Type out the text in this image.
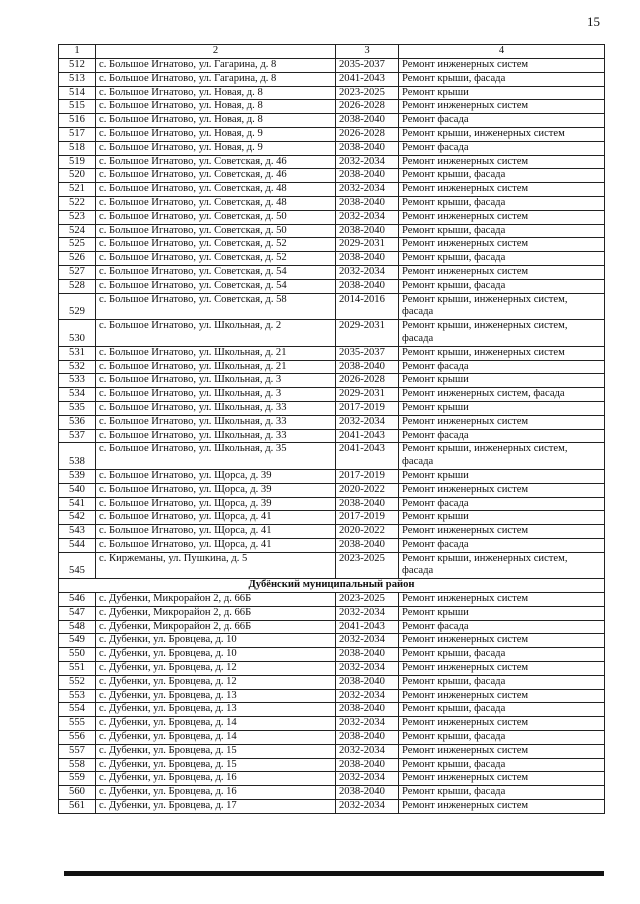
15
1	2	3	4
512	с. Большое Игнатово, ул. Гагарина, д. 8	2035-2037	Ремонт инженерных систем
513	с. Большое Игнатово, ул. Гагарина, д. 8	2041-2043	Ремонт крыши, фасада
514	с. Большое Игнатово, ул. Новая, д. 8	2023-2025	Ремонт крыши
515	с. Большое Игнатово, ул. Новая, д. 8	2026-2028	Ремонт инженерных систем
516	с. Большое Игнатово, ул. Новая, д. 8	2038-2040	Ремонт фасада
517	с. Большое Игнатово, ул. Новая, д. 9	2026-2028	Ремонт крыши, инженерных систем
518	с. Большое Игнатово, ул. Новая, д. 9	2038-2040	Ремонт фасада
519	с. Большое Игнатово, ул. Советская, д. 46	2032-2034	Ремонт инженерных систем
520	с. Большое Игнатово, ул. Советская, д. 46	2038-2040	Ремонт крыши, фасада
521	с. Большое Игнатово, ул. Советская, д. 48	2032-2034	Ремонт инженерных систем
522	с. Большое Игнатово, ул. Советская, д. 48	2038-2040	Ремонт крыши, фасада
523	с. Большое Игнатово, ул. Советская, д. 50	2032-2034	Ремонт инженерных систем
524	с. Большое Игнатово, ул. Советская, д. 50	2038-2040	Ремонт крыши, фасада
525	с. Большое Игнатово, ул. Советская, д. 52	2029-2031	Ремонт инженерных систем
526	с. Большое Игнатово, ул. Советская, д. 52	2038-2040	Ремонт крыши, фасада
527	с. Большое Игнатово, ул. Советская, д. 54	2032-2034	Ремонт инженерных систем
528	с. Большое Игнатово, ул. Советская, д. 54	2038-2040	Ремонт крыши, фасада
529	с. Большое Игнатово, ул. Советская, д. 58	2014-2016	Ремонт крыши, инженерных систем, фасада
530	с. Большое Игнатово, ул. Школьная, д. 2	2029-2031	Ремонт крыши, инженерных систем, фасада
531	с. Большое Игнатово, ул. Школьная, д. 21	2035-2037	Ремонт крыши, инженерных систем
532	с. Большое Игнатово, ул. Школьная, д. 21	2038-2040	Ремонт фасада
533	с. Большое Игнатово, ул. Школьная, д. 3	2026-2028	Ремонт крыши
534	с. Большое Игнатово, ул. Школьная, д. 3	2029-2031	Ремонт инженерных систем, фасада
535	с. Большое Игнатово, ул. Школьная, д. 33	2017-2019	Ремонт крыши
536	с. Большое Игнатово, ул. Школьная, д. 33	2032-2034	Ремонт инженерных систем
537	с. Большое Игнатово, ул. Школьная, д. 33	2041-2043	Ремонт фасада
538	с. Большое Игнатово, ул. Школьная, д. 35	2041-2043	Ремонт крыши, инженерных систем, фасада
539	с. Большое Игнатово, ул. Щорса, д. 39	2017-2019	Ремонт крыши
540	с. Большое Игнатово, ул. Щорса, д. 39	2020-2022	Ремонт инженерных систем
541	с. Большое Игнатово, ул. Щорса, д. 39	2038-2040	Ремонт фасада
542	с. Большое Игнатово, ул. Щорса, д. 41	2017-2019	Ремонт крыши
543	с. Большое Игнатово, ул. Щорса, д. 41	2020-2022	Ремонт инженерных систем
544	с. Большое Игнатово, ул. Щорса, д. 41	2038-2040	Ремонт фасада
545	с. Киржеманы, ул. Пушкина, д. 5	2023-2025	Ремонт крыши, инженерных систем, фасада
Дубёнский муниципальный район			
546	с. Дубенки, Микрорайон 2, д. 66Б	2023-2025	Ремонт инженерных систем
547	с. Дубенки, Микрорайон 2, д. 66Б	2032-2034	Ремонт крыши
548	с. Дубенки, Микрорайон 2, д. 66Б	2041-2043	Ремонт фасада
549	с. Дубенки, ул. Бровцева, д. 10	2032-2034	Ремонт инженерных систем
550	с. Дубенки, ул. Бровцева, д. 10	2038-2040	Ремонт крыши, фасада
551	с. Дубенки, ул. Бровцева, д. 12	2032-2034	Ремонт инженерных систем
552	с. Дубенки, ул. Бровцева, д. 12	2038-2040	Ремонт крыши, фасада
553	с. Дубенки, ул. Бровцева, д. 13	2032-2034	Ремонт инженерных систем
554	с. Дубенки, ул. Бровцева, д. 13	2038-2040	Ремонт крыши, фасада
555	с. Дубенки, ул. Бровцева, д. 14	2032-2034	Ремонт инженерных систем
556	с. Дубенки, ул. Бровцева, д. 14	2038-2040	Ремонт крыши, фасада
557	с. Дубенки, ул. Бровцева, д. 15	2032-2034	Ремонт инженерных систем
558	с. Дубенки, ул. Бровцева, д. 15	2038-2040	Ремонт крыши, фасада
559	с. Дубенки, ул. Бровцева, д. 16	2032-2034	Ремонт инженерных систем
560	с. Дубенки, ул. Бровцева, д. 16	2038-2040	Ремонт крыши, фасада
561	с. Дубенки, ул. Бровцева, д. 17	2032-2034	Ремонт инженерных систем
